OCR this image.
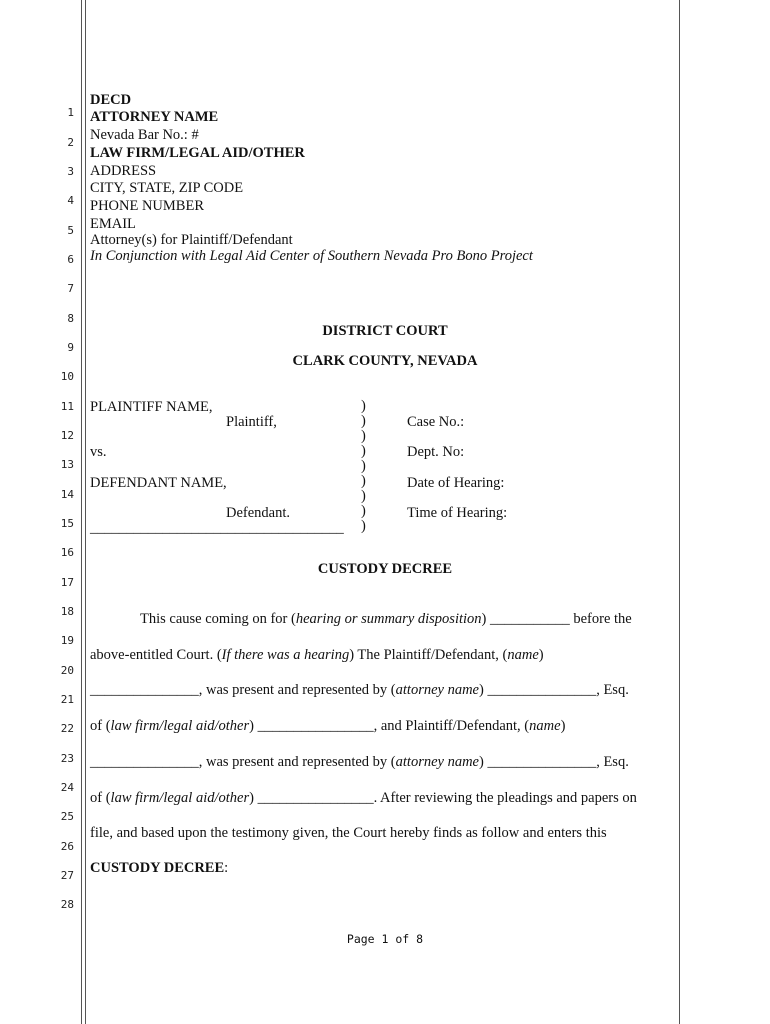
1
2
3
4
5
6
7
8
9
10
11
12
13
14
15
16
17
18
19
20
21
22
23
24
25
26
27
28
DECD
ATTORNEY NAME
Nevada Bar No.: #
LAW FIRM/LEGAL AID/OTHER
ADDRESS
CITY, STATE, ZIP CODE
PHONE NUMBER
EMAIL
Attorney(s) for Plaintiff/Defendant
In Conjunction with Legal Aid Center of Southern Nevada Pro Bono Project
DISTRICT COURT
CLARK COUNTY, NEVADA
PLAINTIFF NAME,
Plaintiff,
vs.
DEFENDANT NAME,
Defendant.
___________________________________
)
)
)
)
)
)
)
)
)
Case No.:
Dept. No:
Date of Hearing:
Time of Hearing:
CUSTODY DECREE
This cause coming on for (hearing or summary disposition) ___________ before the
above-entitled Court. (If there was a hearing) The Plaintiff/Defendant, (name)
_______________, was present and represented by (attorney name) _______________, Esq.
of (law firm/legal aid/other) ________________, and Plaintiff/Defendant, (name)
_______________, was present and represented by (attorney name) _______________, Esq.
of (law firm/legal aid/other) ________________. After reviewing the pleadings and papers on
file, and based upon the testimony given, the Court hereby finds as follow and enters this
CUSTODY DECREE:
Page 1 of 8
